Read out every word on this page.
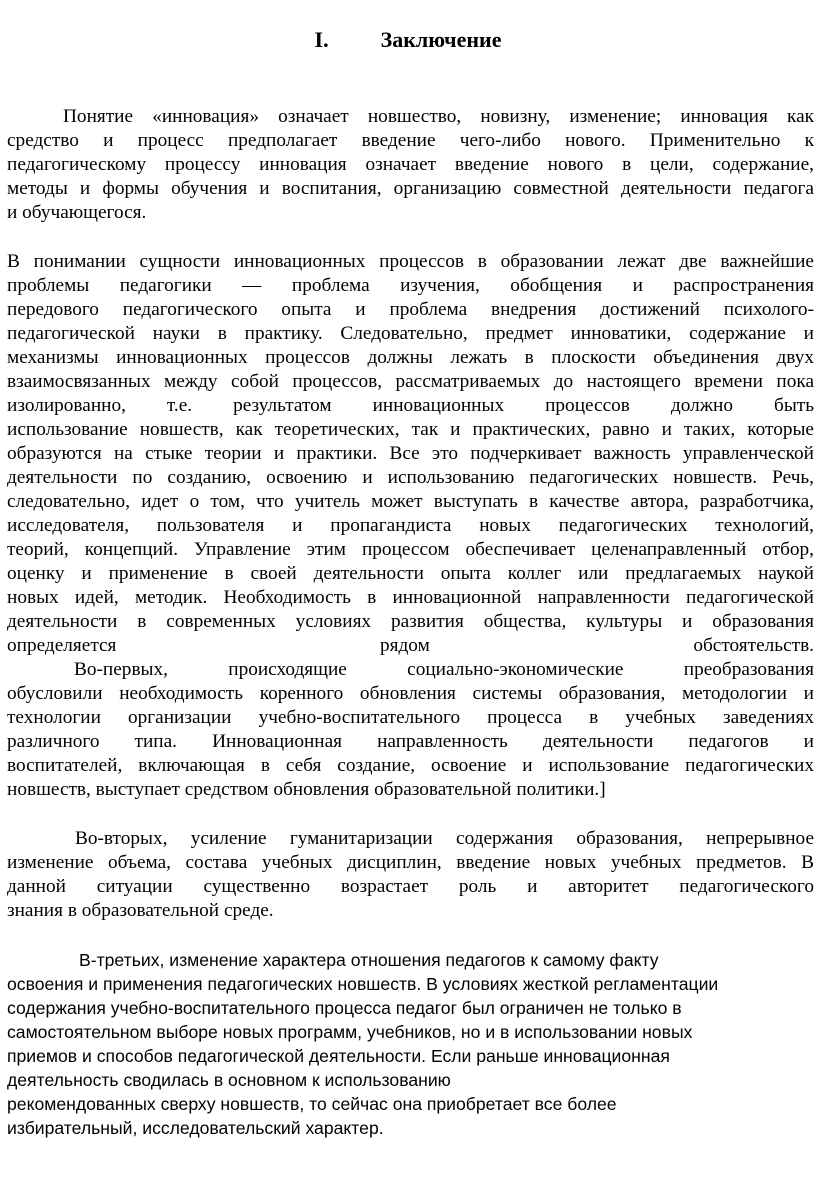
I. Заключение
Понятие «инновация» означает новшество, новизну, изменение; инновация как
средство и процесс предполагает введение чего-либо нового. Применительно к
педагогическому процессу инновация означает введение нового в цели, содержание,
методы и формы обучения и воспитания, организацию совместной деятельности педагога
и обучающегося.
В понимании сущности инновационных процессов в образовании лежат две важнейшие
проблемы педагогики — проблема изучения, обобщения и распространения
передового педагогического опыта и проблема внедрения достижений психолого-
педагогической науки в практику. Следовательно, предмет инноватики, содержание и
механизмы инновационных процессов должны лежать в плоскости объединения двух
взаимосвязанных между собой процессов, рассматриваемых до настоящего времени пока
изолированно, т.е. результатом инновационных процессов должно быть
использование новшеств, как теоретических, так и практических, равно и таких, которые
образуются на стыке теории и практики. Все это подчеркивает важность управленческой
деятельности по созданию, освоению и использованию педагогических новшеств. Речь,
следовательно, идет о том, что учитель может выступать в качестве автора, разработчика,
исследователя, пользователя и пропагандиста новых педагогических технологий,
теорий, концепций. Управление этим процессом обеспечивает целенаправленный отбор,
оценку и применение в своей деятельности опыта коллег или предлагаемых наукой
новых идей, методик. Необходимость в инновационной направленности педагогической
деятельности в современных условиях развития общества, культуры и образования
определяется рядом обстоятельств.
Во-первых, происходящие социально-экономические преобразования
обусловили необходимость коренного обновления системы образования, методологии и
технологии организации учебно-воспитательного процесса в учебных заведениях
различного типа. Инновационная направленность деятельности педагогов и
воспитателей, включающая в себя создание, освоение и использование педагогических
новшеств, выступает средством обновления образовательной политики.]
Во-вторых, усиление гуманитаризации содержания образования, непрерывное
изменение объема, состава учебных дисциплин, введение новых учебных предметов. В
данной ситуации существенно возрастает роль и авторитет педагогического
знания в образовательной среде.
В-третьих, изменение характера отношения педагогов к самому факту
освоения и применения педагогических новшеств. В условиях жесткой регламентации
содержания учебно-воспитательного процесса педагог был ограничен не только в
самостоятельном выборе новых программ, учебников, но и в использовании новых
приемов и способов педагогической деятельности. Если раньше инновационная
деятельность сводилась в основном к использованию
рекомендованных сверху новшеств, то сейчас она приобретает все более
избирательный, исследовательский характер.
